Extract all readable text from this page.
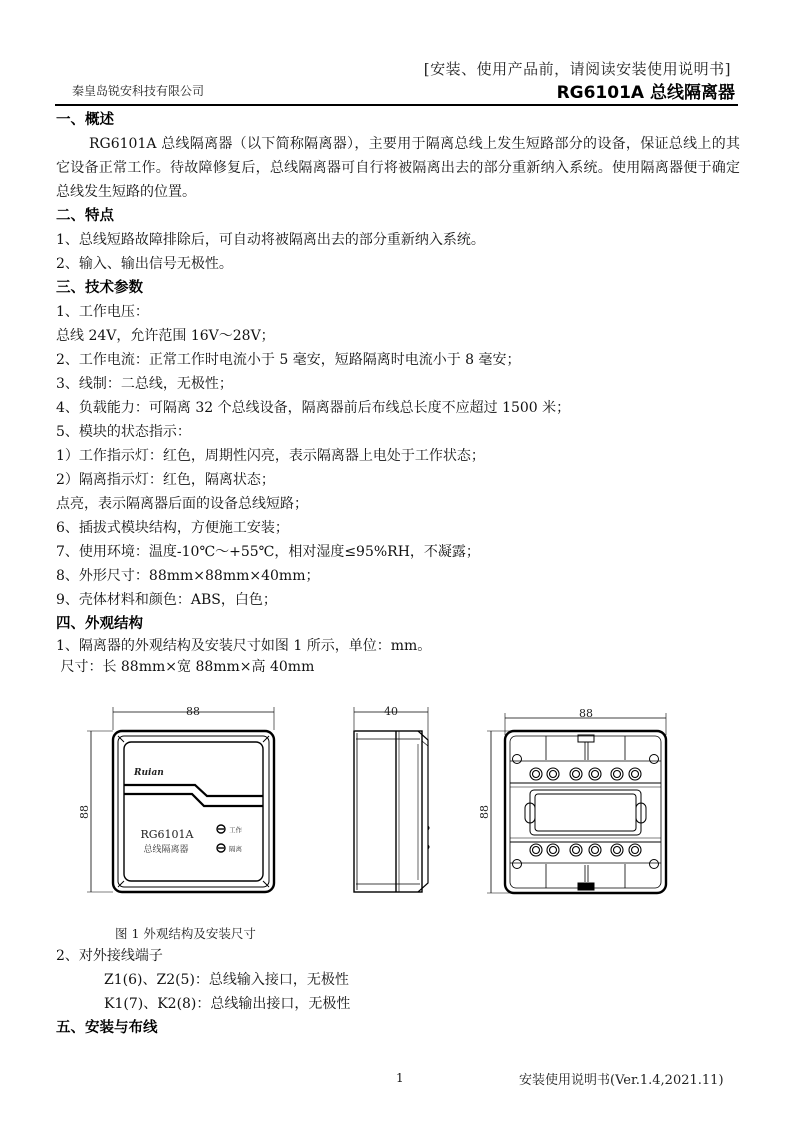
[安装、使用产品前，请阅读安装使用说明书]
秦皇岛锐安科技有限公司	RG6101A 总线隔离器
一、概述
RG6101A 总线隔离器（以下简称隔离器），主要用于隔离总线上发生短路部分的设备，保证总线上的其它设备正常工作。待故障修复后，总线隔离器可自行将被隔离出去的部分重新纳入系统。使用隔离器便于确定总线发生短路的位置。
二、特点
1、总线短路故障排除后，可自动将被隔离出去的部分重新纳入系统。
2、输入、输出信号无极性。
三、技术参数
1、工作电压：
总线 24V，允许范围 16V～28V；
2、工作电流：正常工作时电流小于 5 毫安，短路隔离时电流小于 8 毫安；
3、线制：二总线，无极性；
4、负载能力：可隔离 32 个总线设备，隔离器前后布线总长度不应超过 1500 米；
5、模块的状态指示：
1）工作指示灯：红色，周期性闪亮，表示隔离器上电处于工作状态；
2）隔离指示灯：红色，隔离状态；
点亮，表示隔离器后面的设备总线短路；
6、插拔式模块结构，方便施工安装；
7、使用环境：温度-10℃～+55℃，相对湿度≤95%RH，不凝露；
8、外形尺寸：88mm×88mm×40mm；
9、壳体材料和颜色：ABS，白色；
四、外观结构
1、隔离器的外观结构及安装尺寸如图 1 所示，单位：mm。
尺寸：长 88mm×宽 88mm×高 40mm
88
88
Ruian
RG6101A
总线隔离器
工作
隔离
40	88
88
图 1 外观结构及安装尺寸
2、对外接线端子
Z1(6)、Z2(5)：总线输入接口，无极性
K1(7)、K2(8)：总线输出接口，无极性
五、安装与布线
1	安装使用说明书(Ver.1.4,2021.11)
